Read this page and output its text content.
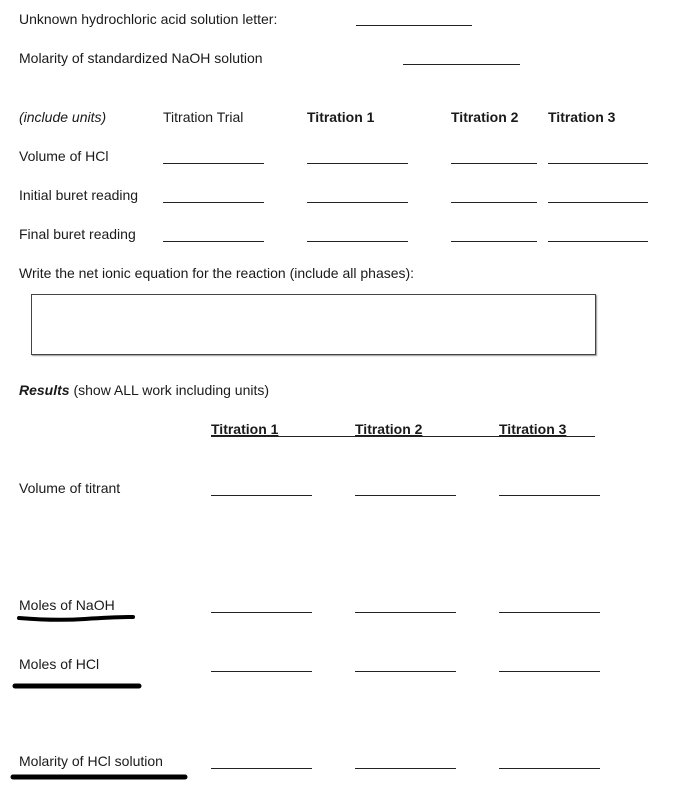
Unknown hydrochloric acid solution letter:
Molarity of standardized NaOH solution
(include units)	Titration Trial	Titration 1	Titration 2 Titration 3
Volume of HCl
Initial buret reading
Final buret reading
Write the net ionic equation for the reaction (include all phases):
Results (show ALL work including units)
Titration 1	Titration 2	Titration 3
Volume of titrant
Moles of NaOH
Moles of HCl
Molarity of HCl solution
